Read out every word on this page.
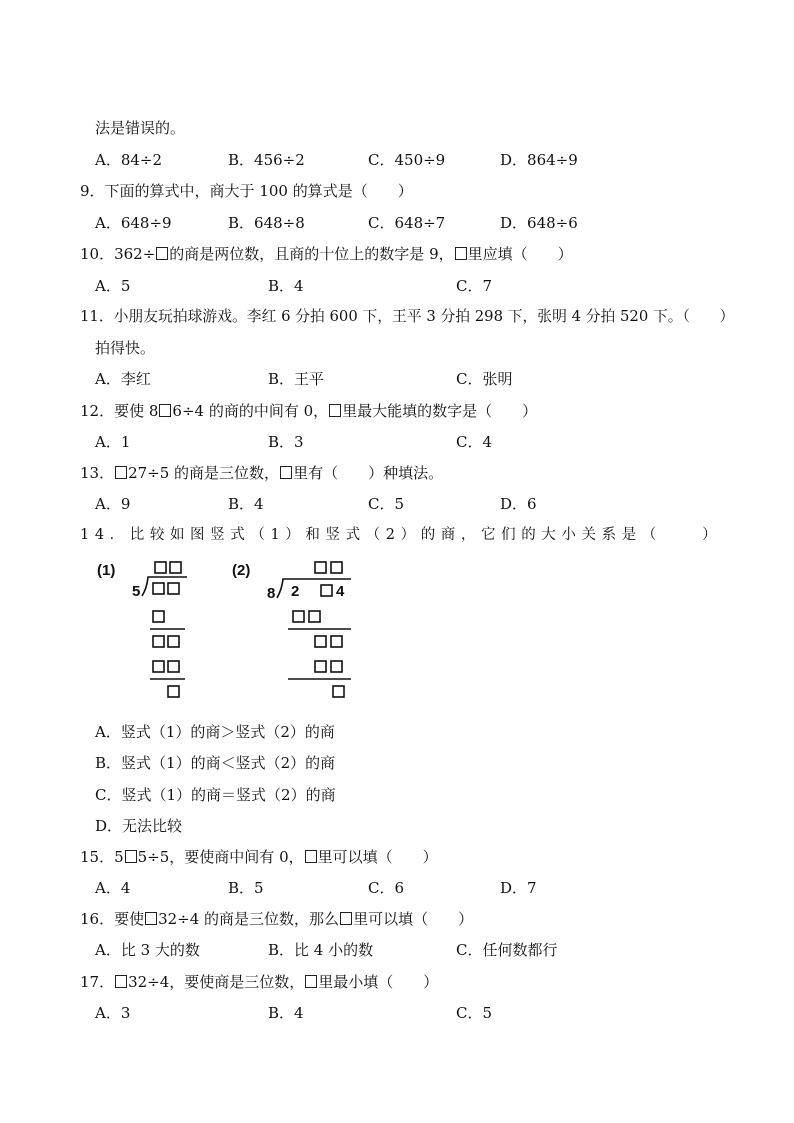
法是错误的。
A．84÷2	B．456÷2	C．450÷9	D．864÷9
9．下面的算式中，商大于 100 的算式是（　　）
A．648÷9	B．648÷8	C．648÷7	D．648÷6
10．362÷ 的商是两位数，且商的十位上的数字是 9， 里应填（　　）
A．5	B．4	C．7
11．小朋友玩拍球游戏。李红 6 分拍 600 下，王平 3 分拍 298 下，张明 4 分拍 520 下。（　　）
拍得快。
A．李红	B．王平	C．张明
12．要使 8 6÷4 的商的中间有 0， 里最大能填的数字是（　　）
A．1	B．3	C．4
13． 27÷5 的商是三位数， 里有（　　）种填法。
A．9	B．4	C．5	D．6
14．比较如图竖式（1）和竖式（2）的商，它们的大小关系是（　　）
(1)
5
(2)
8 2 4
A．竖式（1）的商＞竖式（2）的商
B．竖式（1）的商＜竖式（2）的商
C．竖式（1）的商＝竖式（2）的商
D．无法比较
15．5 5÷5，要使商中间有 0， 里可以填（　　）
A．4	B．5	C．6	D．7
16．要使 32÷4 的商是三位数，那么 里可以填（　　）
A．比 3 大的数	B．比 4 小的数	C．任何数都行
17． 32÷4，要使商是三位数， 里最小填（　　）
A．3	B．4	C．5
